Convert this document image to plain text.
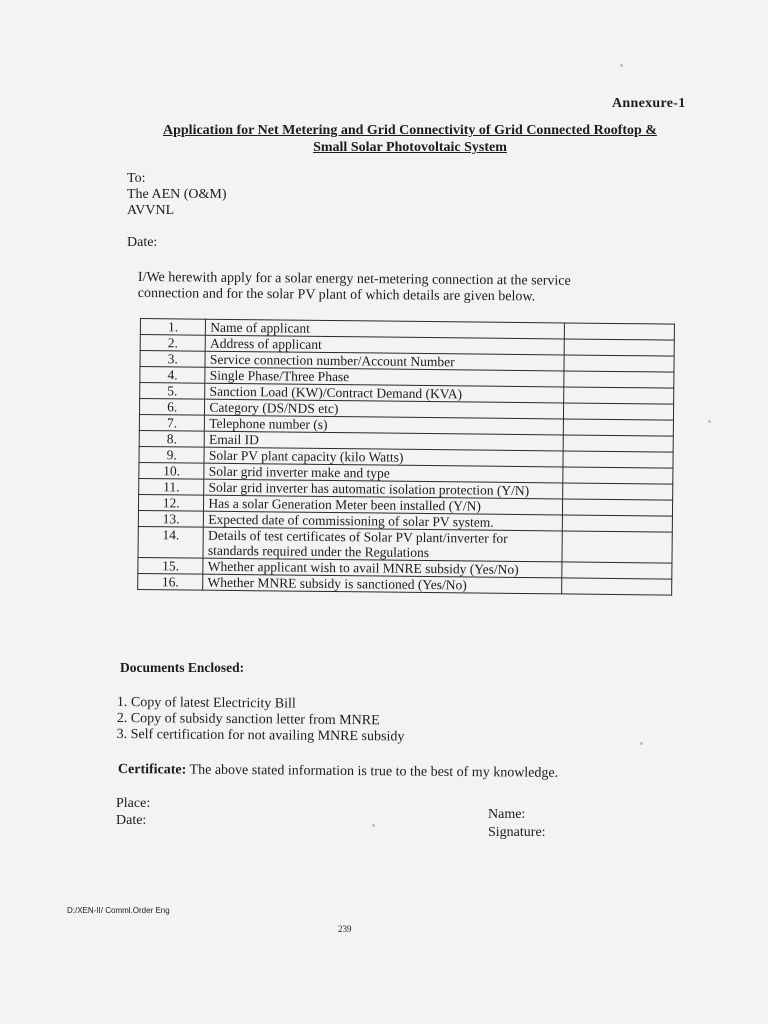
Annexure-1
Application for Net Metering and Grid Connectivity of Grid Connected Rooftop &
Small Solar Photovoltaic System
To:
The AEN (O&M)
AVVNL
Date:
I/We herewith apply for a solar energy net-metering connection at the service
connection and for the solar PV plant of which details are given below.
1.	Name of applicant	
2.	Address of applicant	
3.	Service connection number/Account Number	
4.	Single Phase/Three Phase	
5.	Sanction Load (KW)/Contract Demand (KVA)	
6.	Category (DS/NDS etc)	
7.	Telephone number (s)	
8.	Email ID	
9.	Solar PV plant capacity (kilo Watts)	
10.	Solar grid inverter make and type	
11.	Solar grid inverter has automatic isolation protection (Y/N)	
12.	Has a solar Generation Meter been installed (Y/N)	
13.	Expected date of commissioning of solar PV system.	
14.	Details of test certificates of Solar PV plant/inverter for standards required under the Regulations	
15.	Whether applicant wish to avail MNRE subsidy (Yes/No)	
16.	Whether MNRE subsidy is sanctioned (Yes/No)	
Documents Enclosed:
1. Copy of latest Electricity Bill
2. Copy of subsidy sanction letter from MNRE
3. Self certification for not availing MNRE subsidy
Certificate: The above stated information is true to the best of my knowledge.
Place:
Date:	Name:
Signature:
D:/XEN-II/ Comml.Order Eng
239
